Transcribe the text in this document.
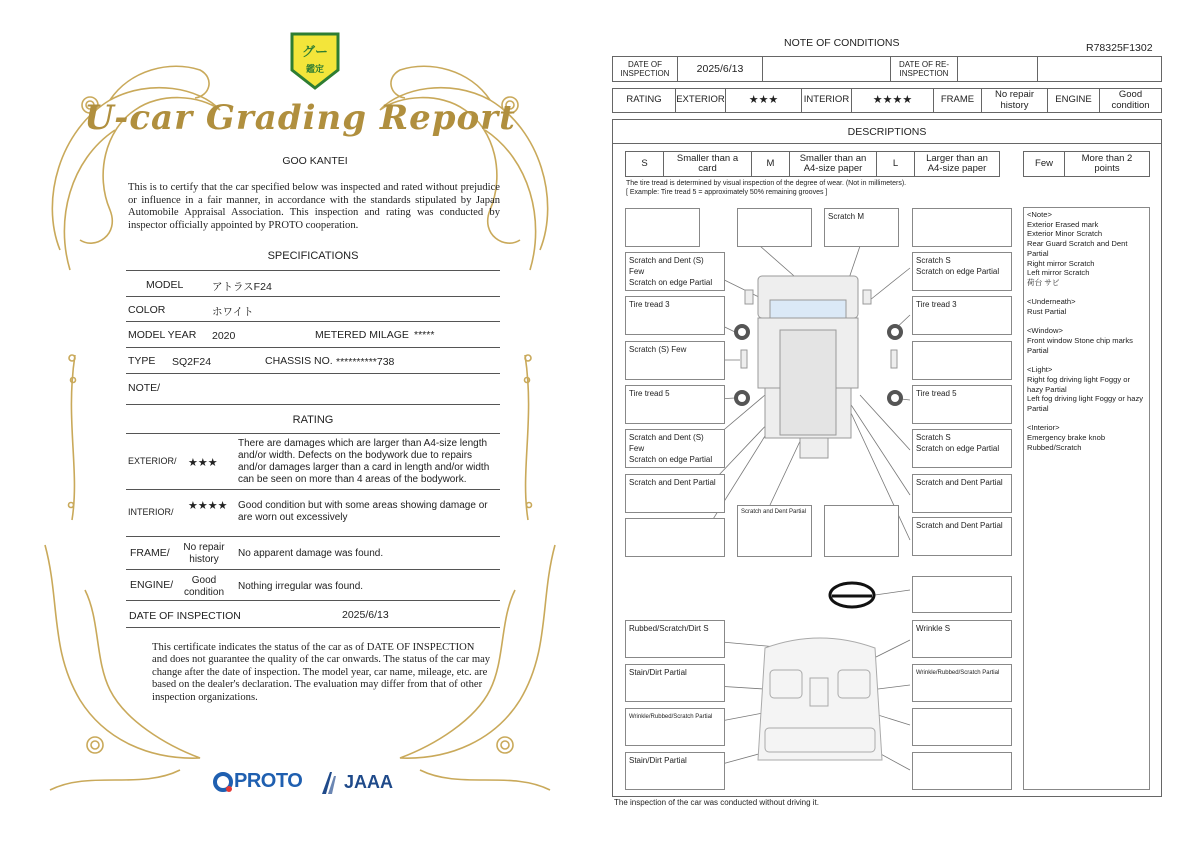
グー
鑑定
U-car Grading Report
GOO KANTEI
This is to certify that the car specified below was inspected and rated without prejudice or influence in a fair manner, in accordance with the standards stipulated by Japan Automobile Appraisal Association. This inspection and rating was conducted by inspector officially appointed by PROTO cooperation.
SPECIFICATIONS
MODEL	アトラスF24
COLOR	ホワイト
MODEL YEAR 2020	METERED MILAGE *****
TYPE SQ2F24	CHASSIS NO. **********738
NOTE/
RATING
EXTERIOR/ ★★★
There are damages which are larger than A4-size length and/or width. Defects on the bodywork due to repairs and/or damages larger than a card in length and/or width can be seen on more than 4 areas of the bodywork.
INTERIOR/ ★★★★ Good condition but with some areas showing damage or are worn out excessively
FRAME/	No repair history
No apparent damage was found.
ENGINE/	Good condition
Nothing irregular was found.
DATE OF INSPECTION	2025/6/13
This certificate indicates the status of the car as of DATE OF INSPECTION and does not guarantee the quality of the car onwards. The status of the car may change after the date of inspection. The model year, car name, mileage, etc. are based on the dealer's declaration. The evaluation may differ from that of other inspection organizations.
PROTO JAAA
NOTE OF CONDITIONS	R78325F1302
DATE OF INSPECTION	2025/6/13	DATE OF RE-INSPECTION
RATING	EXTERIOR	★★★	INTERIOR	★★★★	FRAME	No repair history	ENGINE	Good condition
DESCRIPTIONS
S	Smaller than a card	M	Smaller than an A4-size paper	L	Larger than an A4-size paper	Few	More than 2 points
The tire tread is determined by visual inspection of the degree of wear. (Not in millimeters).
[ Example: Tire tread 5 = approximately 50% remaining grooves ]
Scratch M
Scratch and Dent (S) Few
Scratch on edge Partial
Scratch S
Scratch on edge Partial
Tire tread 3	Tire tread 3
Scratch (S) Few
Tire tread 5	Tire tread 5
Scratch and Dent (S) Few
Scratch on edge Partial
Scratch S
Scratch on edge Partial
Scratch and Dent Partial	Scratch and Dent Partial
Scratch and Dent Partial
Scratch and Dent Partial
Rubbed/Scratch/Dirt S	Wrinkle S
Stain/Dirt Partial	Wrinkle/Rubbed/Scratch Partial
Wrinkle/Rubbed/Scratch Partial
Stain/Dirt Partial
<Note>
Exterior Erased mark
Exterior Minor Scratch
Rear Guard Scratch and Dent Partial
Right mirror Scratch
Left mirror Scratch
荷台 サビ

<Underneath>
Rust Partial

<Window>
Front window Stone chip marks Partial

<Light>
Right fog driving light Foggy or hazy Partial
Left fog driving light Foggy or hazy Partial

<Interior>
Emergency brake knob Rubbed/Scratch
The inspection of the car was conducted without driving it.
